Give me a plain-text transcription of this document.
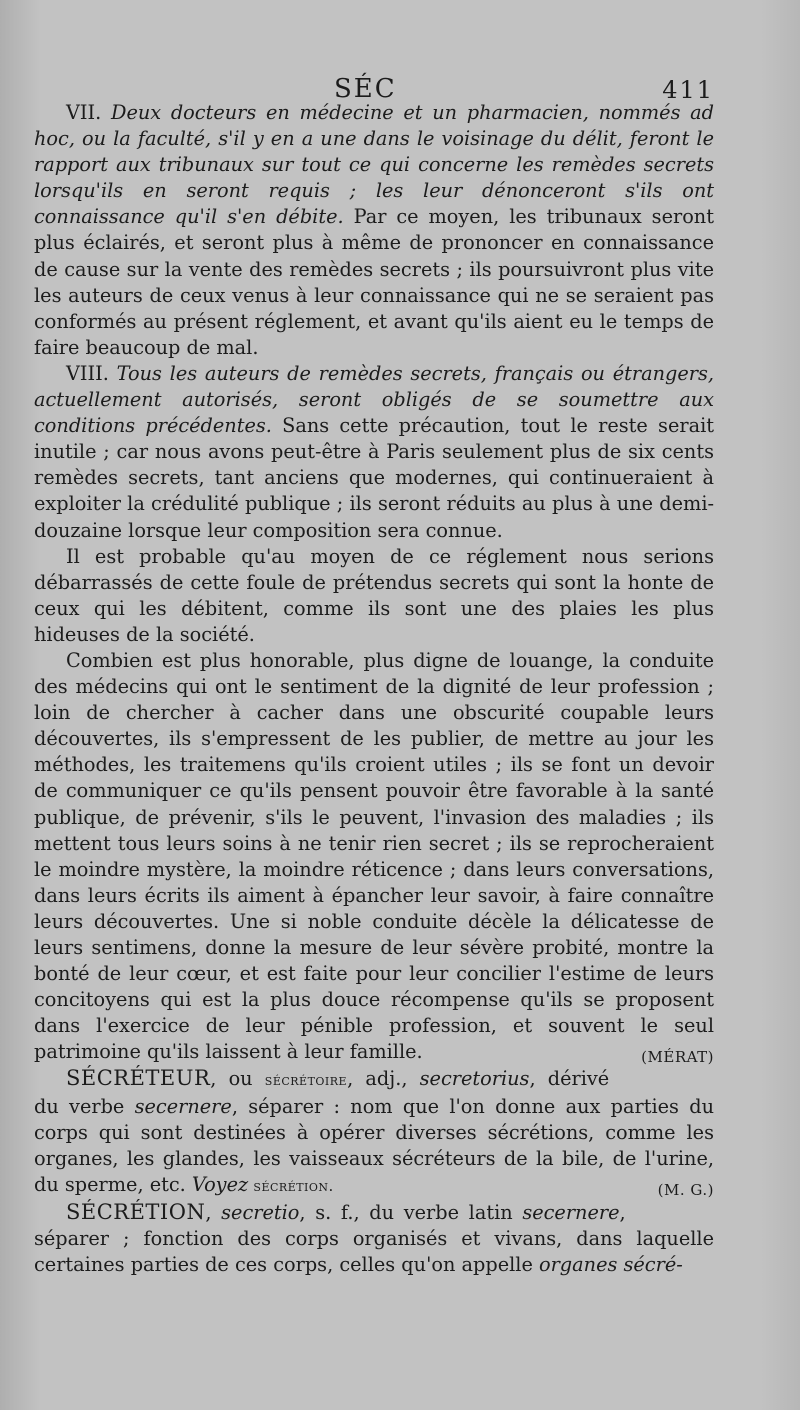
SÉC	411

VII. Deux docteurs en médecine et un pharmacien, nommés ad hoc, ou la faculté, s'il y en a une dans le voisinage du délit, feront le rapport aux tribunaux sur tout ce qui concerne les remèdes secrets lorsqu'ils en seront requis ; les leur dénonceront s'ils ont connaissance qu'il s'en débite. Par ce moyen, les tribunaux seront plus éclairés, et seront plus à même de prononcer en connaissance de cause sur la vente des remèdes secrets ; ils poursuivront plus vite les auteurs de ceux venus à leur connaissance qui ne se seraient pas conformés au présent réglement, et avant qu'ils aient eu le temps de faire beaucoup de mal.

VIII. Tous les auteurs de remèdes secrets, français ou étrangers, actuellement autorisés, seront obligés de se soumettre aux conditions précédentes. Sans cette précaution, tout le reste serait inutile ; car nous avons peut-être à Paris seulement plus de six cents remèdes secrets, tant anciens que modernes, qui continueraient à exploiter la crédulité publique ; ils seront réduits au plus à une demi-douzaine lorsque leur composition sera connue.

Il est probable qu'au moyen de ce réglement nous serions débarrassés de cette foule de prétendus secrets qui sont la honte de ceux qui les débitent, comme ils sont une des plaies les plus hideuses de la société.

Combien est plus honorable, plus digne de louange, la conduite des médecins qui ont le sentiment de la dignité de leur profession ; loin de chercher à cacher dans une obscurité coupable leurs découvertes, ils s'empressent de les publier, de mettre au jour les méthodes, les traitemens qu'ils croient utiles ; ils se font un devoir de communiquer ce qu'ils pensent pouvoir être favorable à la santé publique, de prévenir, s'ils le peuvent, l'invasion des maladies ; ils mettent tous leurs soins à ne tenir rien secret ; ils se reprocheraient le moindre mystère, la moindre réticence ; dans leurs conversations, dans leurs écrits ils aiment à épancher leur savoir, à faire connaître leurs découvertes. Une si noble conduite décèle la délicatesse de leurs sentimens, donne la mesure de leur sévère probité, montre la bonté de leur cœur, et est faite pour leur concilier l'estime de leurs concitoyens qui est la plus douce récompense qu'ils se proposent dans l'exercice de leur pénible profession, et souvent le seul patrimoine qu'ils laissent à leur famille.	(MÉRAT)

SÉCRÉTEUR, ou sécrétoire, adj., secretorius, dérivé du verbe secernere, séparer : nom que l'on donne aux parties du corps qui sont destinées à opérer diverses sécrétions, comme les organes, les glandes, les vaisseaux sécréteurs de la bile, de l'urine, du sperme, etc. Voyez sécrétion.	(M. G.)

SÉCRÉTION, secretio, s. f., du verbe latin secernere, séparer ; fonction des corps organisés et vivans, dans laquelle certaines parties de ces corps, celles qu'on appelle organes sécré-
